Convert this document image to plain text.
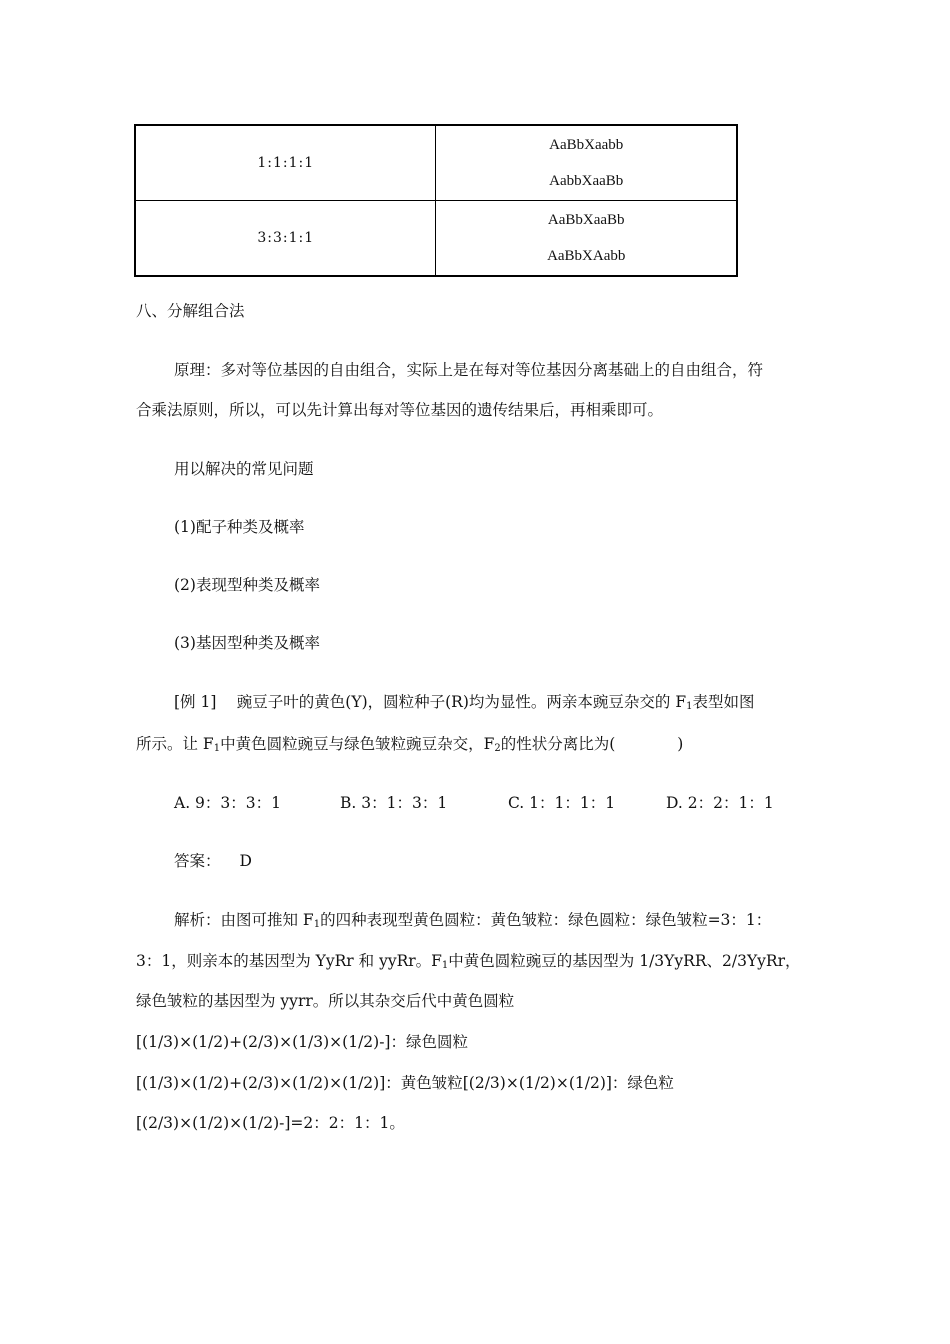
1:1:1:1	AaBbXaabb
AabbXaaBb

3:3:1:1	AaBbXaaBb
AaBbXAabb
八、分解组合法
原理：多对等位基因的自由组合，实际上是在每对等位基因分离基础上的自由组合，符
合乘法原则，所以，可以先计算出每对等位基因的遗传结果后，再相乘即可。
用以解决的常见问题
(1)配子种类及概率
(2)表现型种类及概率
(3)基因型种类及概率
[例 1]　 豌豆子叶的黄色(Y)，圆粒种子(R)均为显性。两亲本豌豆杂交的 $F_1$表型如图
所示。让 $F_1$中黄色圆粒豌豆与绿色皱粒豌豆杂交，$F_2$的性状分离比为(　　　　)
A. 9：3：3：1	B. 3：1：3：1	C. 1：1：1：1	D. 2：2：1：1
答案： D
解析：由图可推知 $F_1$的四种表现型黄色圆粒：黄色皱粒：绿色圆粒：绿色皱粒=3：1：
3：1，则亲本的基因型为 YyRr 和 yyRr。$F_1$中黄色圆粒豌豆的基因型为 1/3YyRR、2/3YyRr，
绿色皱粒的基因型为 yyrr。所以其杂交后代中黄色圆粒
[(1/3)×(1/2)+(2/3)×(1/3)×(1/2)-]：绿色圆粒
[(1/3)×(1/2)+(2/3)×(1/2)×(1/2)]：黄色皱粒[(2/3)×(1/2)×(1/2)]：绿色粒
[(2/3)×(1/2)×(1/2)-]=2：2：1：1。
